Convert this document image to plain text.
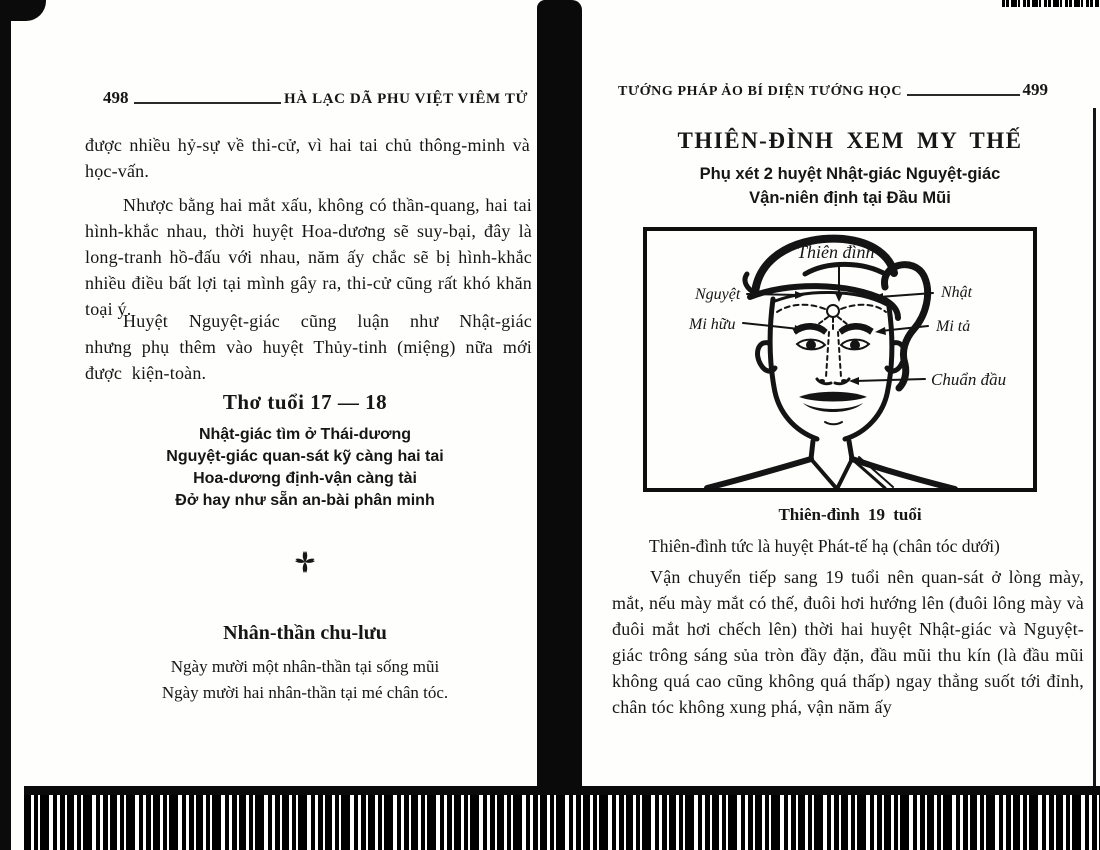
498	HÀ LẠC DÃ PHU VIỆT VIÊM TỬ
được nhiều hỷ-sự về thi-cử, vì hai tai chủ thông-minh và học-vấn.
Nhược bằng hai mắt xấu, không có thần-quang, hai tai hình-khắc nhau, thời huyệt Hoa-dương sẽ suy-bại, đây là long-tranh hồ-đấu với nhau, năm ấy chắc sẽ bị hình-khắc nhiều điều bất lợi tại mình gây ra, thi-cử cũng rất khó khăn toại ý.
Huyệt Nguyệt-giác cũng luận như Nhật-giác nhưng phụ thêm vào huyệt Thủy-tinh (miệng) nữa mới được kiện-toàn.
Thơ tuổi 17 — 18
Nhật-giác tìm ở Thái-dương
Nguyệt-giác quan-sát kỹ càng hai tai
Hoa-dương định-vận càng tài
Đở hay như sẵn an-bài phân minh
Nhân-thần chu-lưu
Ngày mười một nhân-thần tại sống mũi
Ngày mười hai nhân-thần tại mé chân tóc.
TƯỚNG PHÁP ẢO BÍ DIỆN TƯỚNG HỌC	499
THIÊN-ĐÌNH XEM MY THẾ
Phụ xét 2 huyệt Nhật-giác Nguyệt-giác
Vận-niên định tại Đầu Mũi
Thiên đình
Nguyệt	Nhật
Mi hữu	Mi tả
Chuẩn đầu
Thiên-đình 19 tuổi
Thiên-đình tức là huyệt Phát-tế hạ (chân tóc dưới)
Vận chuyển tiếp sang 19 tuổi nên quan-sát ở lòng mày, mắt, nếu mày mắt có thế, đuôi hơi hướng lên (đuôi lông mày và đuôi mắt hơi chếch lên) thời hai huyệt Nhật-giác và Nguyệt-giác trông sáng sủa tròn đầy đặn, đầu mũi thu kín (là đầu mũi không quá cao cũng không quá thấp) ngay thẳng suốt tới đỉnh, chân tóc không xung phá, vận năm ấy
